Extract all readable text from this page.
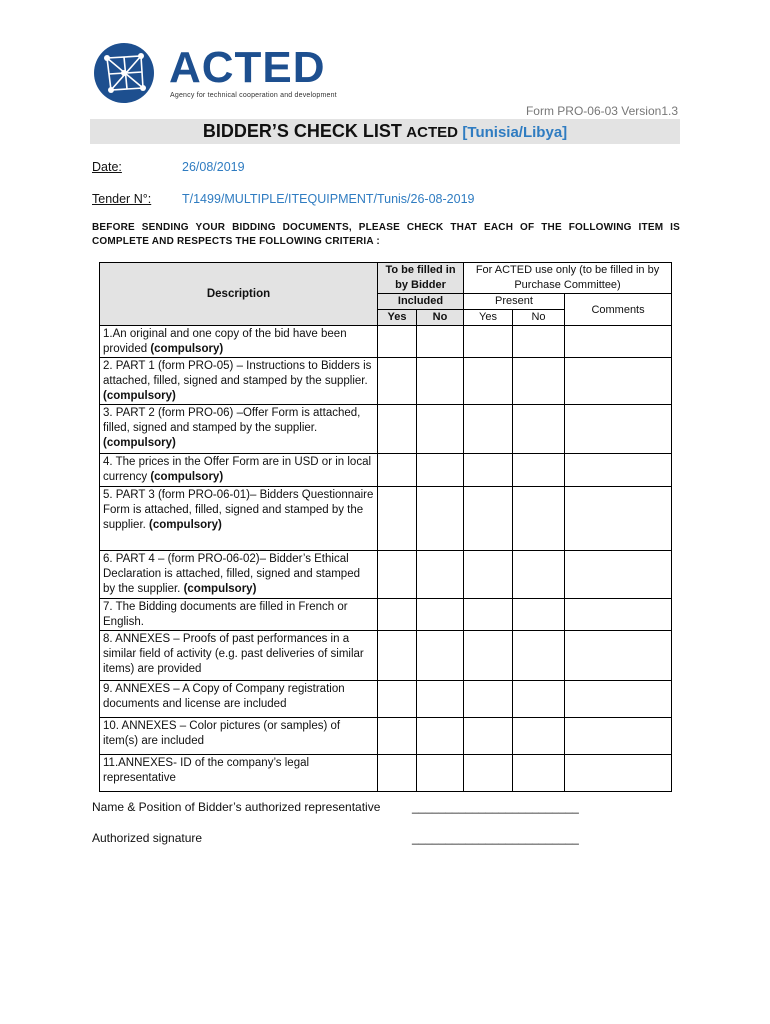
ACTED
Agency for technical cooperation and development
Form PRO-06-03 Version1.3
BIDDER’S CHECK LIST ACTED [Tunisia/Libya]
Date:	26/08/2019
Tender N°: T/1499/MULTIPLE/ITEQUIPMENT/Tunis/26-08-2019
BEFORE SENDING YOUR BIDDING DOCUMENTS, PLEASE CHECK THAT EACH OF THE FOLLOWING ITEM IS COMPLETE AND RESPECTS THE FOLLOWING CRITERIA :
Description	To be filled in by Bidder		For ACTED use only (to be filled in by Purchase Committee)		
	Included		Present		Comments
	Yes	No	Yes	No	
1.An original and one copy of the bid have been provided (compulsory)					
2. PART 1 (form PRO-05) – Instructions to Bidders is attached, filled, signed and stamped by the supplier. (compulsory)					
3. PART 2 (form PRO-06) –Offer Form is attached, filled, signed and stamped by the supplier. (compulsory)					
4. The prices in the Offer Form are in USD or in local currency (compulsory)					
5. PART 3 (form PRO-06-01)– Bidders Questionnaire Form is attached, filled, signed and stamped by the supplier. (compulsory)					
6. PART 4 – (form PRO-06-02)– Bidder’s Ethical Declaration is attached, filled, signed and stamped by the supplier. (compulsory)					
7. The Bidding documents are filled in French or English.					
8. ANNEXES – Proofs of past performances in a similar field of activity (e.g. past deliveries of similar items) are provided					
9. ANNEXES – A Copy of Company registration documents and license are included					
10. ANNEXES – Color pictures (or samples) of item(s) are included					
11.ANNEXES- ID of the company’s legal representative					
Name & Position of Bidder’s authorized representative	_________________________
Authorized signature	_________________________
